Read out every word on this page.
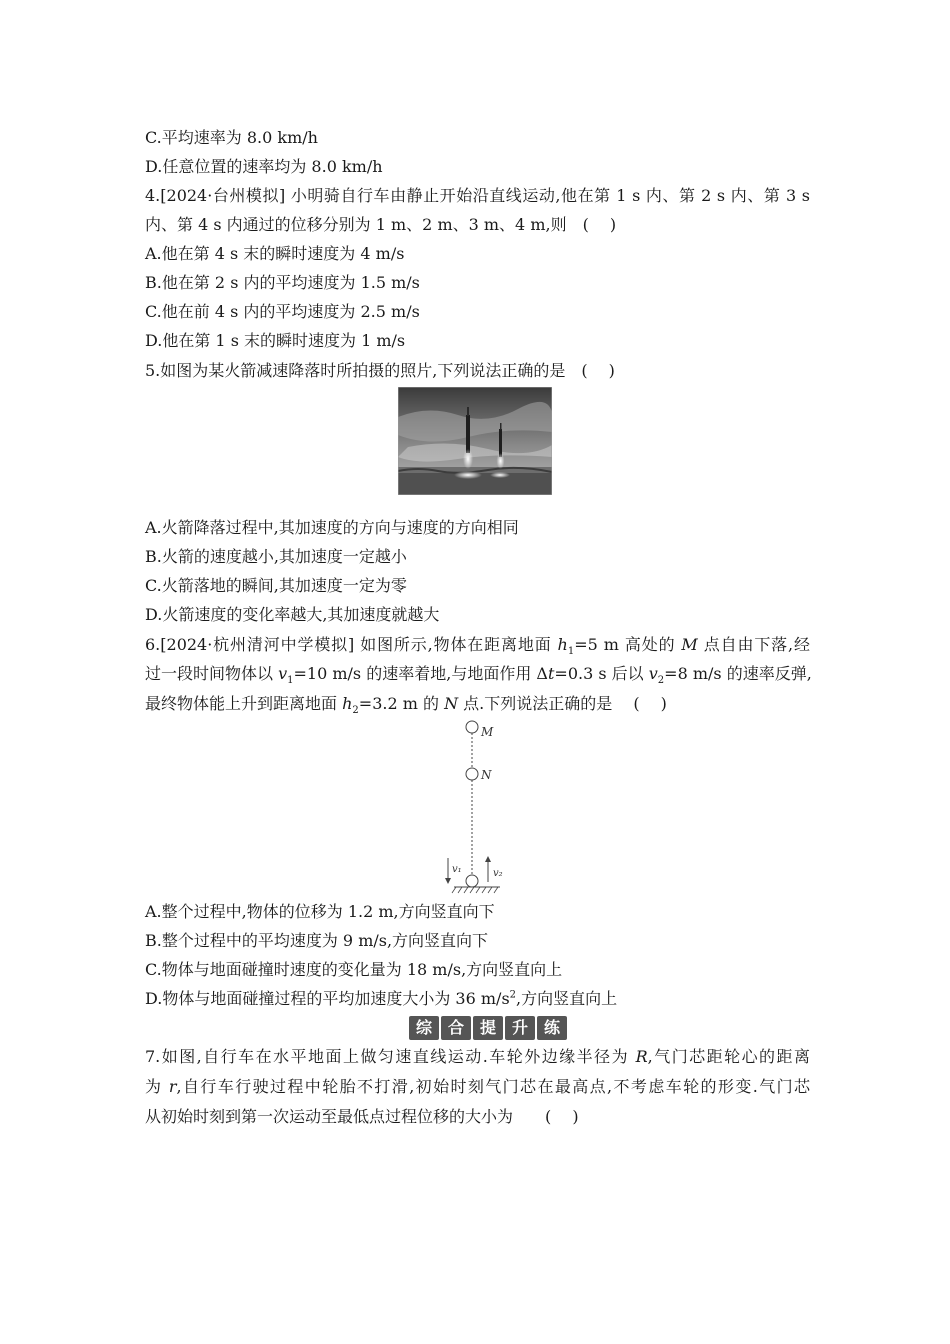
C.平均速率为 8.0 km/h
D.任意位置的速率均为 8.0 km/h
4.[2024·台州模拟] 小明骑自行车由静止开始沿直线运动,他在第 1 s 内、第 2 s 内、第 3 s
内、第 4 s 内通过的位移分别为 1 m、2 m、3 m、4 m,则　(　 )
A.他在第 4 s 末的瞬时速度为 4 m/s
B.他在第 2 s 内的平均速度为 1.5 m/s
C.他在前 4 s 内的平均速度为 2.5 m/s
D.他在第 1 s 末的瞬时速度为 1 m/s
5.如图为某火箭减速降落时所拍摄的照片,下列说法正确的是　(　 )
A.火箭降落过程中,其加速度的方向与速度的方向相同
B.火箭的速度越小,其加速度一定越小
C.火箭落地的瞬间,其加速度一定为零
D.火箭速度的变化率越大,其加速度就越大
6.[2024·杭州清河中学模拟] 如图所示,物体在距离地面 $h_1=5$ m 高处的 M 点自由下落,经
过一段时间物体以 $v_1=10$ m/s 的速率着地,与地面作用 Δt=0.3 s 后以 $v_2=8$ m/s 的速率反弹,
最终物体能上升到距离地面 $h_2=3.2$ m 的 N 点.下列说法正确的是　 (　 )
M
N
v₁	v₂
A.整个过程中,物体的位移为 1.2 m,方向竖直向下
B.整个过程中的平均速度为 9 m/s,方向竖直向下
C.物体与地面碰撞时速度的变化量为 18 m/s,方向竖直向上
D.物体与地面碰撞过程的平均加速度大小为 36 $m/s^2$,方向竖直向上
综 合 提 升 练
7.如图,自行车在水平地面上做匀速直线运动.车轮外边缘半径为 R,气门芯距轮心的距离
为 r,自行车行驶过程中轮胎不打滑,初始时刻气门芯在最高点,不考虑车轮的形变.气门芯
从初始时刻到第一次运动至最低点过程位移的大小为　　(　 )
